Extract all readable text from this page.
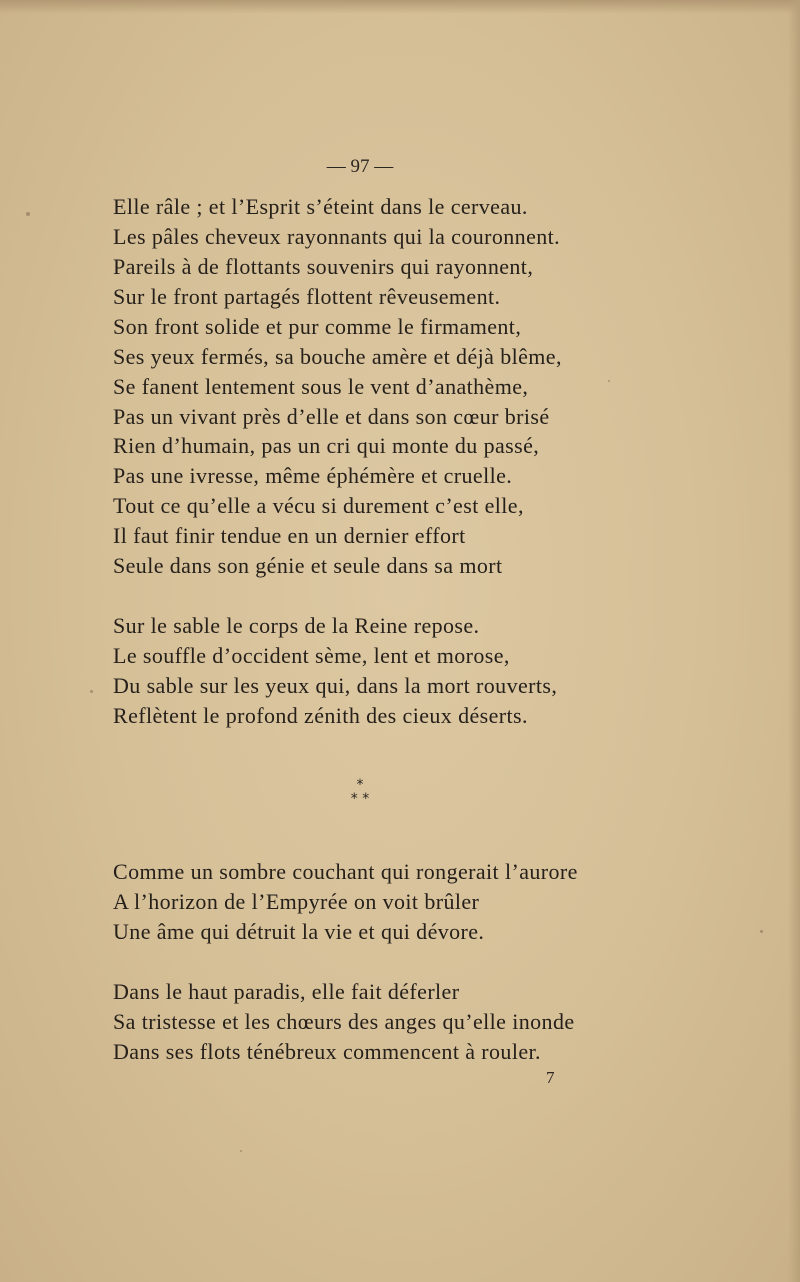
— 97 —
Elle râle ; et l’Esprit s’éteint dans le cerveau.
Les pâles cheveux rayonnants qui la couronnent.
Pareils à de flottants souvenirs qui rayonnent,
Sur le front partagés flottent rêveusement.
Son front solide et pur comme le firmament,
Ses yeux fermés, sa bouche amère et déjà blême,
Se fanent lentement sous le vent d’anathème,
Pas un vivant près d’elle et dans son cœur brisé
Rien d’humain, pas un cri qui monte du passé,
Pas une ivresse, même éphémère et cruelle.
Tout ce qu’elle a vécu si durement c’est elle,
Il faut finir tendue en un dernier effort
Seule dans son génie et seule dans sa mort
Sur le sable le corps de la Reine repose.
Le souffle d’occident sème, lent et morose,
Du sable sur les yeux qui, dans la mort rouverts,
Reflètent le profond zénith des cieux déserts.
Comme un sombre couchant qui rongerait l’aurore
A l’horizon de l’Empyrée on voit brûler
Une âme qui détruit la vie et qui dévore.
Dans le haut paradis, elle fait déferler
Sa tristesse et les chœurs des anges qu’elle inonde
Dans ses flots ténébreux commencent à rouler.
*
* *
7
